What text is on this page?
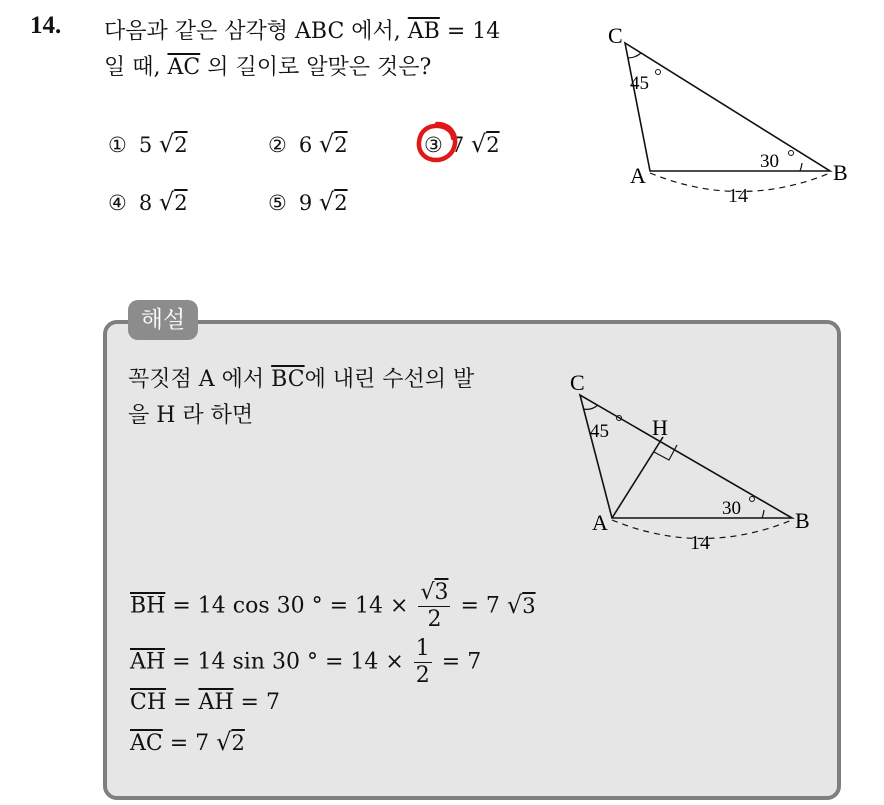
14. 다음과 같은 삼각형 ABC 에서, $\overline{AB} = 14$
일 때, $\overline{AC}$ 의 길이로 알맞은 것은?
① 5 √2	② 6 √2	③ 7 √2
④ 8 √2	⑤ 9 √2
C
45
A	B
30
14
해설
꼭짓점 A 에서 $\overline{BC}$에 내린 수선의 발
을 H 라 하면
C
45 H
A	B
30
14
$\overline{BH} = 14$ cos 30 ° = $14 \times \frac{√3}{2} = 7$ √3
$\overline{AH} = 14$ sin 30 ° = $14 \times \frac{1}{2} = 7$
$\overline{CH} = \overline{AH} = 7$
$\overline{AC} = 7$ √2
